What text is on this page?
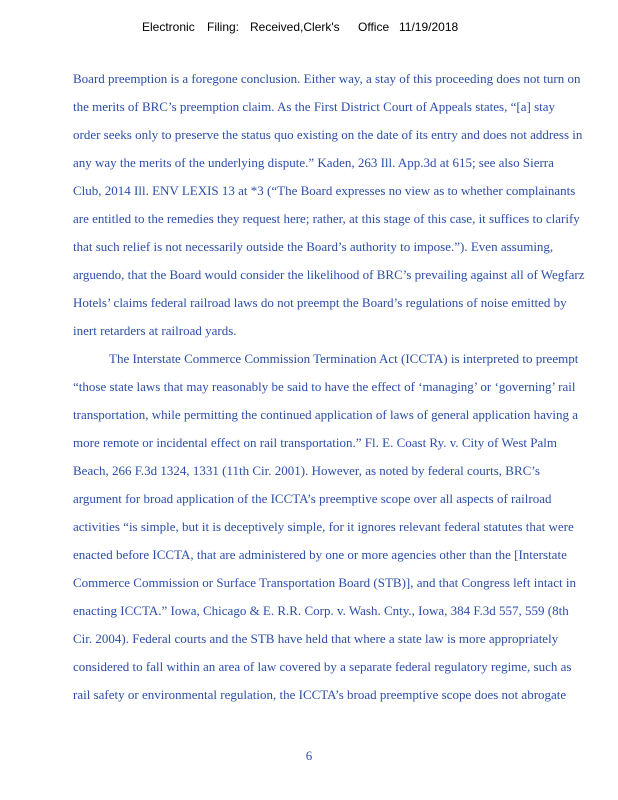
Electronic Filing: Received,Clerk's Office 11/19/2018
Board preemption is a foregone conclusion. Either way, a stay of this proceeding does not turn on
the merits of BRC’s preemption claim. As the First District Court of Appeals states, “[a] stay
order seeks only to preserve the status quo existing on the date of its entry and does not address in
any way the merits of the underlying dispute.” Kaden, 263 Ill. App.3d at 615; see also Sierra
Club, 2014 Ill. ENV LEXIS 13 at *3 (“The Board expresses no view as to whether complainants
are entitled to the remedies they request here; rather, at this stage of this case, it suffices to clarify
that such relief is not necessarily outside the Board’s authority to impose.”). Even assuming,
arguendo, that the Board would consider the likelihood of BRC’s prevailing against all of Wegfarz
Hotels’ claims federal railroad laws do not preempt the Board’s regulations of noise emitted by
inert retarders at railroad yards.
The Interstate Commerce Commission Termination Act (ICCTA) is interpreted to preempt
“those state laws that may reasonably be said to have the effect of ‘managing’ or ‘governing’ rail
transportation, while permitting the continued application of laws of general application having a
more remote or incidental effect on rail transportation.” Fl. E. Coast Ry. v. City of West Palm
Beach, 266 F.3d 1324, 1331 (11th Cir. 2001). However, as noted by federal courts, BRC’s
argument for broad application of the ICCTA’s preemptive scope over all aspects of railroad
activities “is simple, but it is deceptively simple, for it ignores relevant federal statutes that were
enacted before ICCTA, that are administered by one or more agencies other than the [Interstate
Commerce Commission or Surface Transportation Board (STB)], and that Congress left intact in
enacting ICCTA.” Iowa, Chicago & E. R.R. Corp. v. Wash. Cnty., Iowa, 384 F.3d 557, 559 (8th
Cir. 2004). Federal courts and the STB have held that where a state law is more appropriately
considered to fall within an area of law covered by a separate federal regulatory regime, such as
rail safety or environmental regulation, the ICCTA’s broad preemptive scope does not abrogate
6
